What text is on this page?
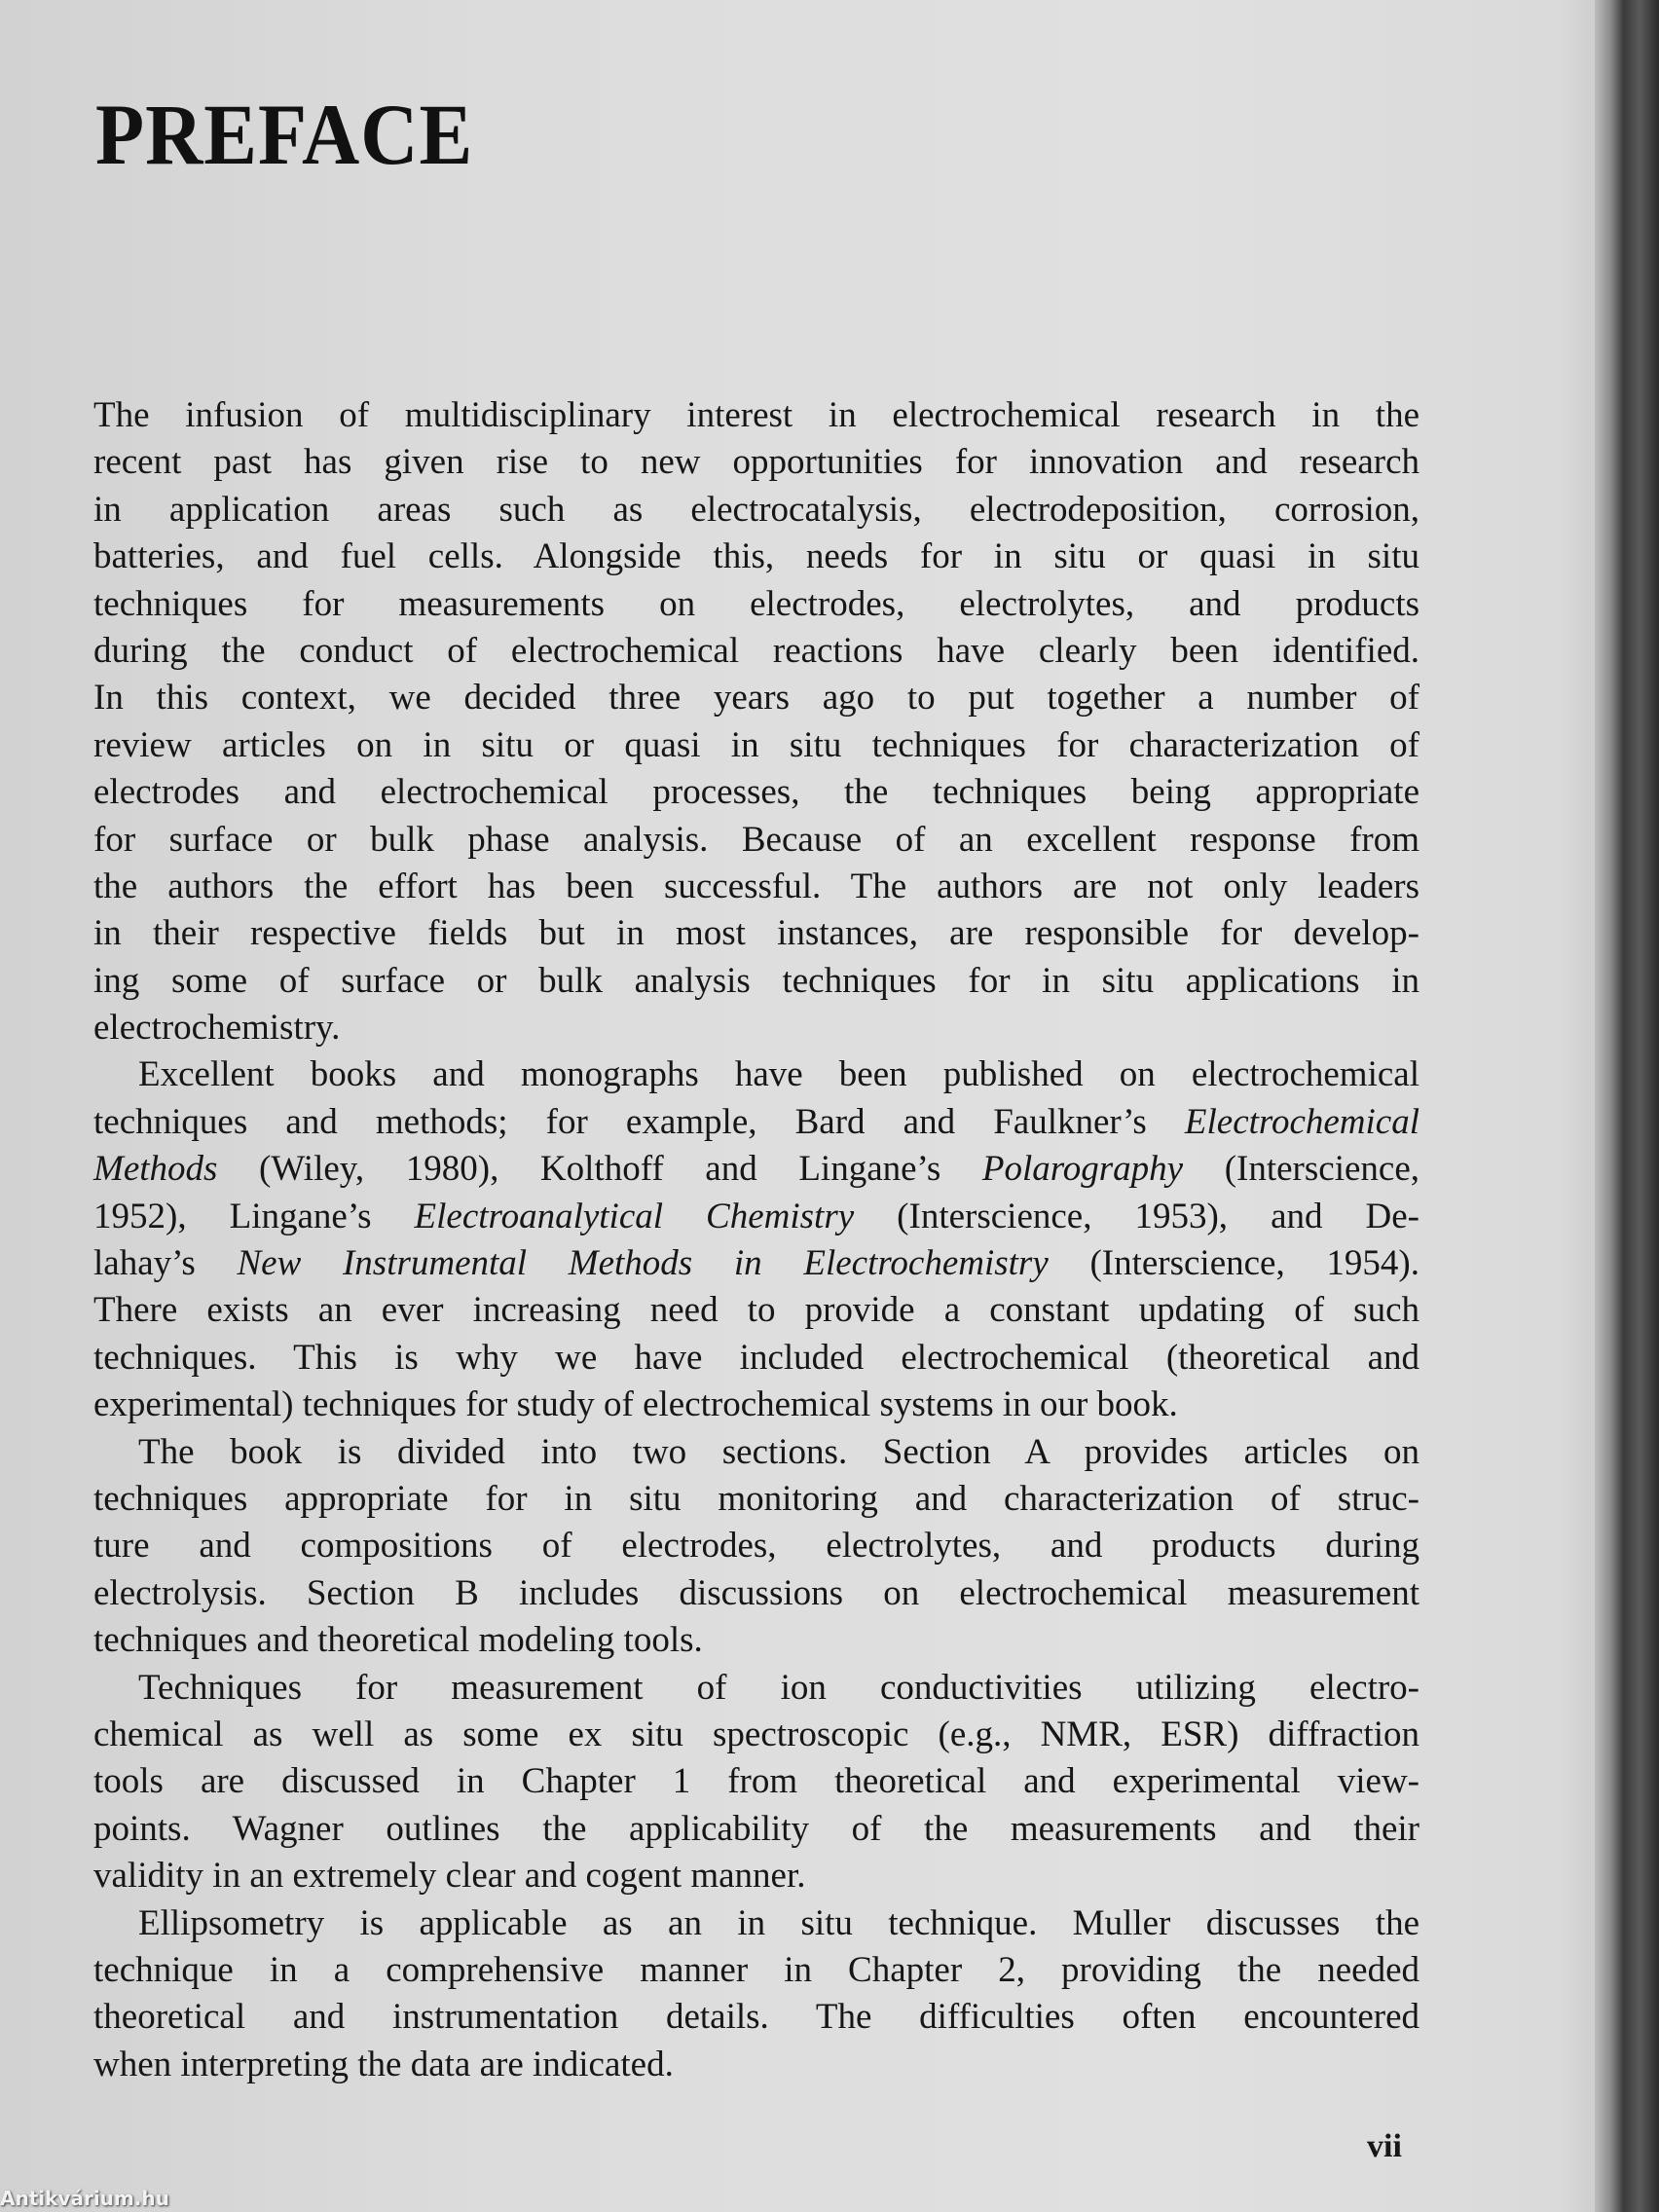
PREFACE
The infusion of multidisciplinary interest in electrochemical research in the
recent past has given rise to new opportunities for innovation and research
in application areas such as electrocatalysis, electrodeposition, corrosion,
batteries, and fuel cells. Alongside this, needs for in situ or quasi in situ
techniques for measurements on electrodes, electrolytes, and products
during the conduct of electrochemical reactions have clearly been identified.
In this context, we decided three years ago to put together a number of
review articles on in situ or quasi in situ techniques for characterization of
electrodes and electrochemical processes, the techniques being appropriate
for surface or bulk phase analysis. Because of an excellent response from
the authors the effort has been successful. The authors are not only leaders
in their respective fields but in most instances, are responsible for develop-
ing some of surface or bulk analysis techniques for in situ applications in
electrochemistry.
Excellent books and monographs have been published on electrochemical
techniques and methods; for example, Bard and Faulkner’s Electrochemical
Methods (Wiley, 1980), Kolthoff and Lingane’s Polarography (Interscience,
1952), Lingane’s Electroanalytical Chemistry (Interscience, 1953), and De-
lahay’s New Instrumental Methods in Electrochemistry (Interscience, 1954).
There exists an ever increasing need to provide a constant updating of such
techniques. This is why we have included electrochemical (theoretical and
experimental) techniques for study of electrochemical systems in our book.
The book is divided into two sections. Section A provides articles on
techniques appropriate for in situ monitoring and characterization of struc-
ture and compositions of electrodes, electrolytes, and products during
electrolysis. Section B includes discussions on electrochemical measurement
techniques and theoretical modeling tools.
Techniques for measurement of ion conductivities utilizing electro-
chemical as well as some ex situ spectroscopic (e.g., NMR, ESR) diffraction
tools are discussed in Chapter 1 from theoretical and experimental view-
points. Wagner outlines the applicability of the measurements and their
validity in an extremely clear and cogent manner.
Ellipsometry is applicable as an in situ technique. Muller discusses the
technique in a comprehensive manner in Chapter 2, providing the needed
theoretical and instrumentation details. The difficulties often encountered
when interpreting the data are indicated.
vii
Antikvárium.hu
